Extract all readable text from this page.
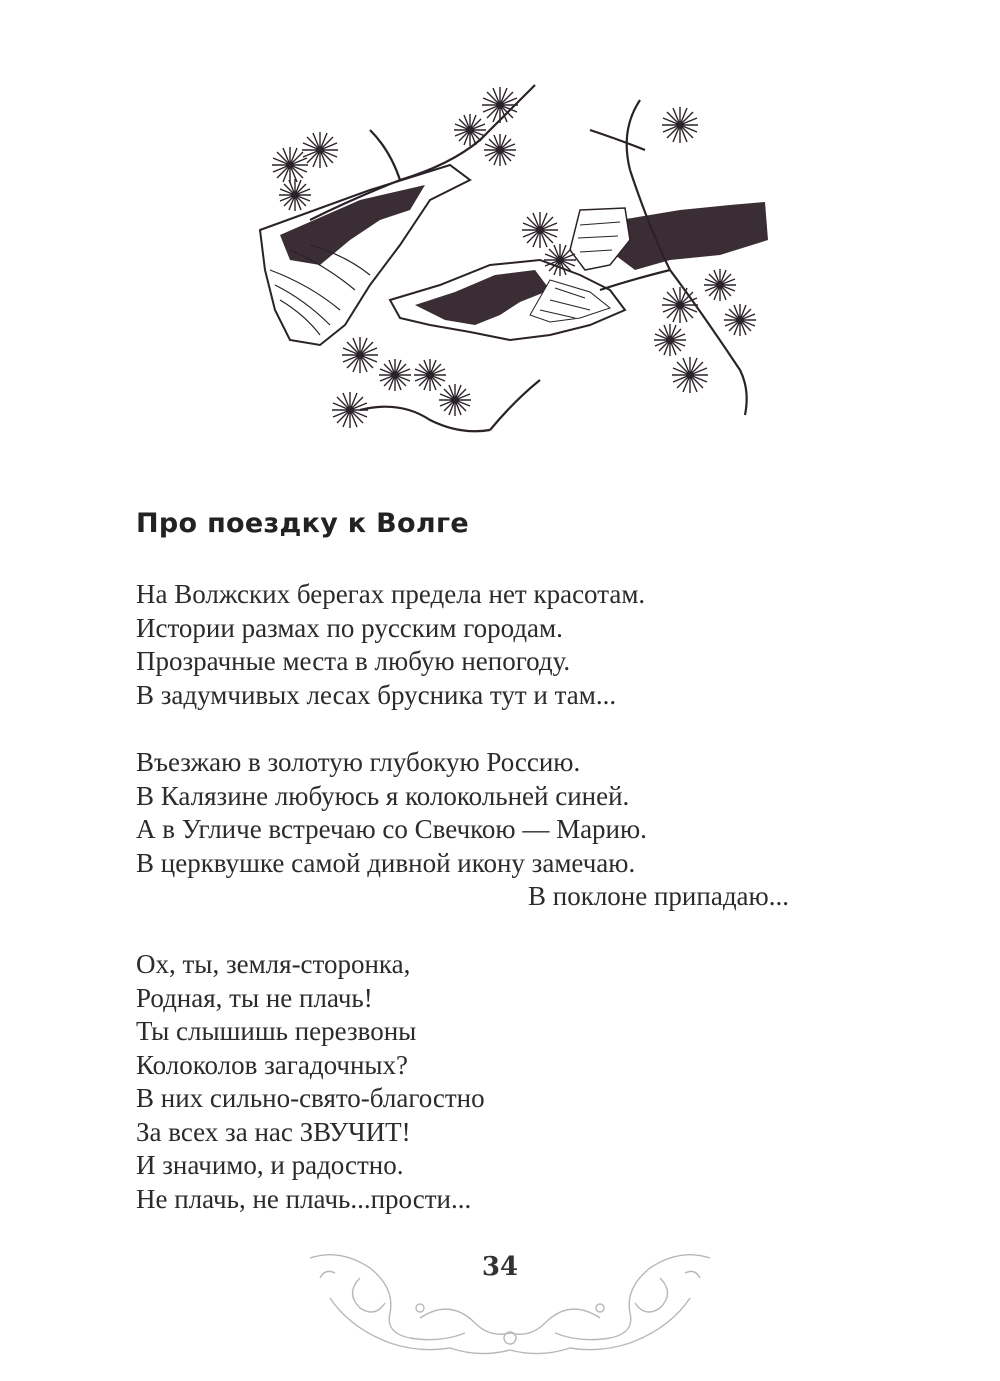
Про поездку к Волге
На Волжских берегах предела нет красотам.
Истории размах по русским городам.
Прозрачные места в любую непогоду.
В задумчивых лесах брусника тут и там...
Въезжаю в золотую глубокую Россию.
В Калязине любуюсь я колокольней синей.
А в Угличе встречаю со Свечкою — Марию.
В церквушке самой дивной икону замечаю.
В поклоне припадаю...
Ох, ты, земля-сторонка,
Родная, ты не плачь!
Ты слышишь перезвоны
Колоколов загадочных?
В них сильно-свято-благостно
За всех за нас ЗВУЧИТ!
И значимо, и радостно.
Не плачь, не плачь...прости...
34
